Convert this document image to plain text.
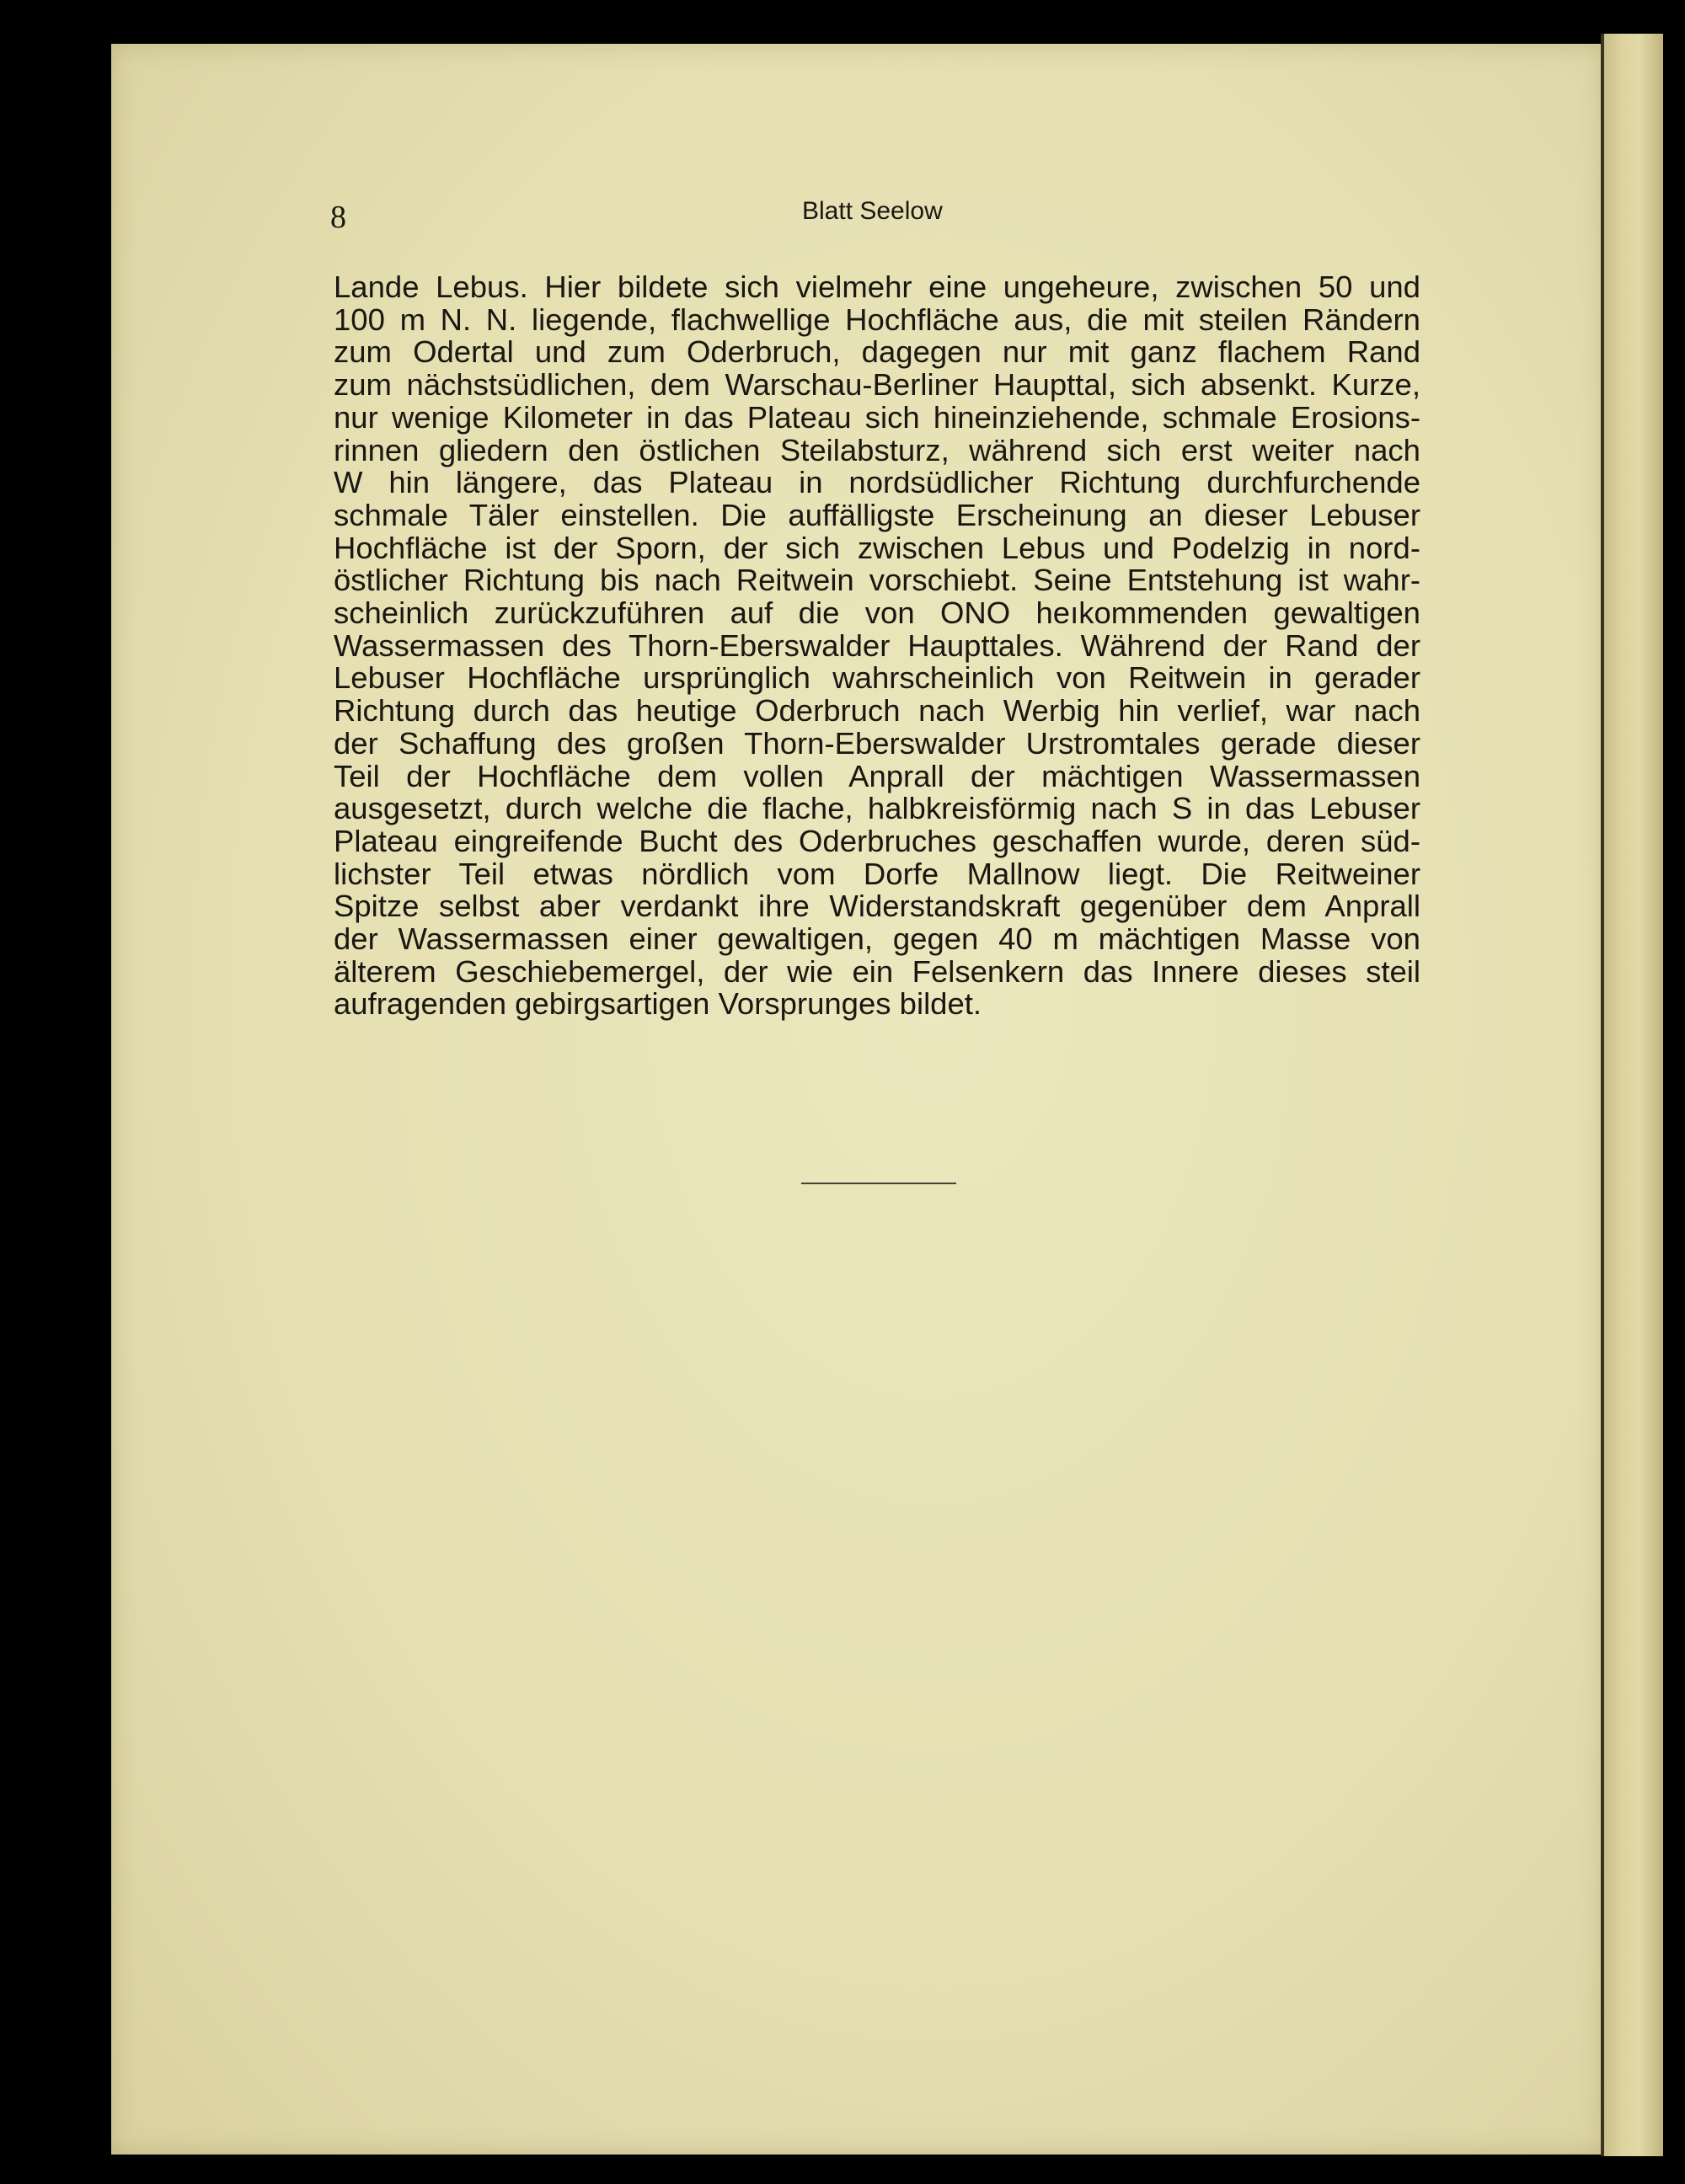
8	Blatt Seelow
Lande Lebus. Hier bildete sich vielmehr eine ungeheure, zwischen 50 und
100 m N. N. liegende, flachwellige Hochfläche aus, die mit steilen Rändern
zum Odertal und zum Oderbruch, dagegen nur mit ganz flachem Rand
zum nächstsüdlichen, dem Warschau-Berliner Haupttal, sich absenkt. Kurze,
nur wenige Kilometer in das Plateau sich hineinziehende, schmale Erosions-
rinnen gliedern den östlichen Steilabsturz, während sich erst weiter nach
W hin längere, das Plateau in nordsüdlicher Richtung durchfurchende
schmale Täler einstellen. Die auffälligste Erscheinung an dieser Lebuser
Hochfläche ist der Sporn, der sich zwischen Lebus und Podelzig in nord-
östlicher Richtung bis nach Reitwein vorschiebt. Seine Entstehung ist wahr-
scheinlich zurückzuführen auf die von ONO heıkommenden gewaltigen
Wassermassen des Thorn-Eberswalder Haupttales. Während der Rand der
Lebuser Hochfläche ursprünglich wahrscheinlich von Reitwein in gerader
Richtung durch das heutige Oderbruch nach Werbig hin verlief, war nach
der Schaffung des großen Thorn-Eberswalder Urstromtales gerade dieser
Teil der Hochfläche dem vollen Anprall der mächtigen Wassermassen
ausgesetzt, durch welche die flache, halbkreisförmig nach S in das Lebuser
Plateau eingreifende Bucht des Oderbruches geschaffen wurde, deren süd-
lichster Teil etwas nördlich vom Dorfe Mallnow liegt. Die Reitweiner
Spitze selbst aber verdankt ihre Widerstandskraft gegenüber dem Anprall
der Wassermassen einer gewaltigen, gegen 40 m mächtigen Masse von
älterem Geschiebemergel, der wie ein Felsenkern das Innere dieses steil
aufragenden gebirgsartigen Vorsprunges bildet.
